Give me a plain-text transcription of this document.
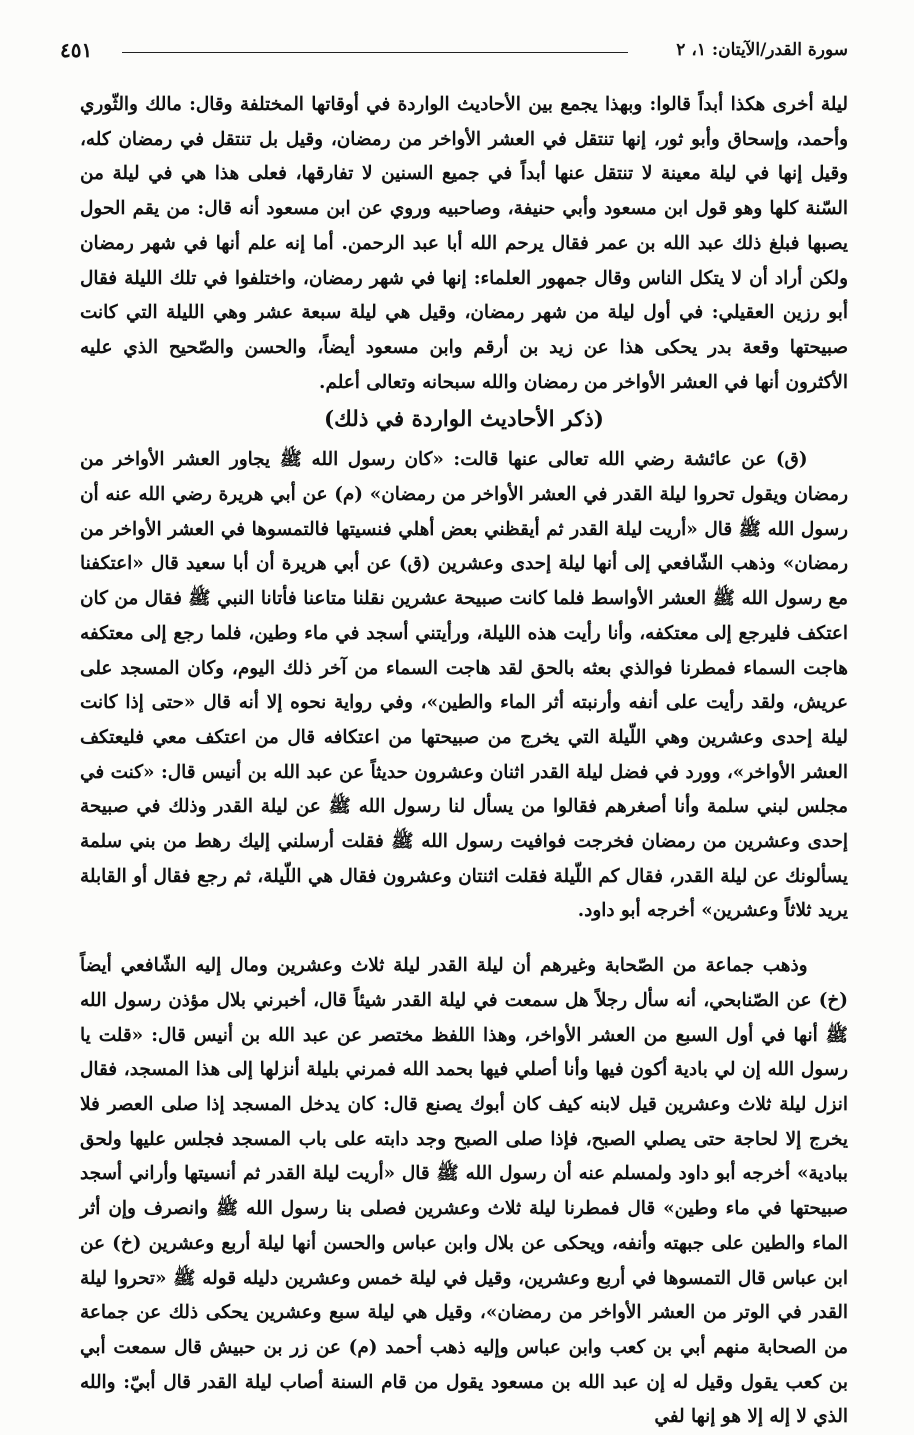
سورة القدر/الآيتان: ١، ٢
٤٥١

ليلة أخرى هكذا أبداً قالوا: وبهذا يجمع بين الأحاديث الواردة في أوقاتها المختلفة وقال: مالك والثّوري وأحمد، وإسحاق وأبو ثور، إنها تنتقل في العشر الأواخر من رمضان، وقيل بل تنتقل في رمضان كله، وقيل إنها في ليلة معينة لا تنتقل عنها أبداً في جميع السنين لا تفارقها، فعلى هذا هي في ليلة من السّنة كلها وهو قول ابن مسعود وأبي حنيفة، وصاحبيه وروي عن ابن مسعود أنه قال: من يقم الحول يصبها فبلغ ذلك عبد الله بن عمر فقال يرحم الله أبا عبد الرحمن. أما إنه علم أنها في شهر رمضان ولكن أراد أن لا يتكل الناس وقال جمهور العلماء: إنها في شهر رمضان، واختلفوا في تلك الليلة فقال أبو رزين العقيلي: في أول ليلة من شهر رمضان، وقيل هي ليلة سبعة عشر وهي الليلة التي كانت صبيحتها وقعة بدر يحكى هذا عن زيد بن أرقم وابن مسعود أيضاً، والحسن والصّحيح الذي عليه الأكثرون أنها في العشر الأواخر من رمضان والله سبحانه وتعالى أعلم.

(ذكر الأحاديث الواردة في ذلك)

(ق) عن عائشة رضي الله تعالى عنها قالت: «كان رسول الله ﷺ يجاور العشر الأواخر من رمضان ويقول تحروا ليلة القدر في العشر الأواخر من رمضان» (م) عن أبي هريرة رضي الله عنه أن رسول الله ﷺ قال «أريت ليلة القدر ثم أيقظني بعض أهلي فنسيتها فالتمسوها في العشر الأواخر من رمضان» وذهب الشّافعي إلى أنها ليلة إحدى وعشرين (ق) عن أبي هريرة أن أبا سعيد قال «اعتكفنا مع رسول الله ﷺ العشر الأواسط فلما كانت صبيحة عشرين نقلنا متاعنا فأتانا النبي ﷺ فقال من كان اعتكف فليرجع إلى معتكفه، وأنا رأيت هذه الليلة، ورأيتني أسجد في ماء وطين، فلما رجع إلى معتكفه هاجت السماء فمطرنا فوالذي بعثه بالحق لقد هاجت السماء من آخر ذلك اليوم، وكان المسجد على عريش، ولقد رأيت على أنفه وأرنبته أثر الماء والطين»، وفي رواية نحوه إلا أنه قال «حتى إذا كانت ليلة إحدى وعشرين وهي اللّيلة التي يخرج من صبيحتها من اعتكافه قال من اعتكف معي فليعتكف العشر الأواخر»، وورد في فضل ليلة القدر اثنان وعشرون حديثاً عن عبد الله بن أنيس قال: «كنت في مجلس لبني سلمة وأنا أصغرهم فقالوا من يسأل لنا رسول الله ﷺ عن ليلة القدر وذلك في صبيحة إحدى وعشرين من رمضان فخرجت فوافيت رسول الله ﷺ فقلت أرسلني إليك رهط من بني سلمة يسألونك عن ليلة القدر، فقال كم اللّيلة فقلت اثنتان وعشرون فقال هي اللّيلة، ثم رجع فقال أو القابلة يريد ثلاثاً وعشرين» أخرجه أبو داود.

وذهب جماعة من الصّحابة وغيرهم أن ليلة القدر ليلة ثلاث وعشرين ومال إليه الشّافعي أيضاً (خ) عن الصّنابحي، أنه سأل رجلاً هل سمعت في ليلة القدر شيئاً قال، أخبرني بلال مؤذن رسول الله ﷺ أنها في أول السبع من العشر الأواخر، وهذا اللفظ مختصر عن عبد الله بن أنيس قال: «قلت يا رسول الله إن لي بادية أكون فيها وأنا أصلي فيها بحمد الله فمرني بليلة أنزلها إلى هذا المسجد، فقال انزل ليلة ثلاث وعشرين قيل لابنه كيف كان أبوك يصنع قال: كان يدخل المسجد إذا صلى العصر فلا يخرج إلا لحاجة حتى يصلي الصبح، فإذا صلى الصبح وجد دابته على باب المسجد فجلس عليها ولحق ببادية» أخرجه أبو داود ولمسلم عنه أن رسول الله ﷺ قال «أريت ليلة القدر ثم أنسيتها وأراني أسجد صبيحتها في ماء وطين» قال فمطرنا ليلة ثلاث وعشرين فصلى بنا رسول الله ﷺ وانصرف وإن أثر الماء والطين على جبهته وأنفه، ويحكى عن بلال وابن عباس والحسن أنها ليلة أربع وعشرين (خ) عن ابن عباس قال التمسوها في أربع وعشرين، وقيل في ليلة خمس وعشرين دليله قوله ﷺ «تحروا ليلة القدر في الوتر من العشر الأواخر من رمضان»، وقيل هي ليلة سبع وعشرين يحكى ذلك عن جماعة من الصحابة منهم أبي بن كعب وابن عباس وإليه ذهب أحمد (م) عن زر بن حبيش قال سمعت أبي بن كعب يقول وقيل له إن عبد الله بن مسعود يقول من قام السنة أصاب ليلة القدر قال أبيّ: والله الذي لا إله إلا هو إنها لفي
